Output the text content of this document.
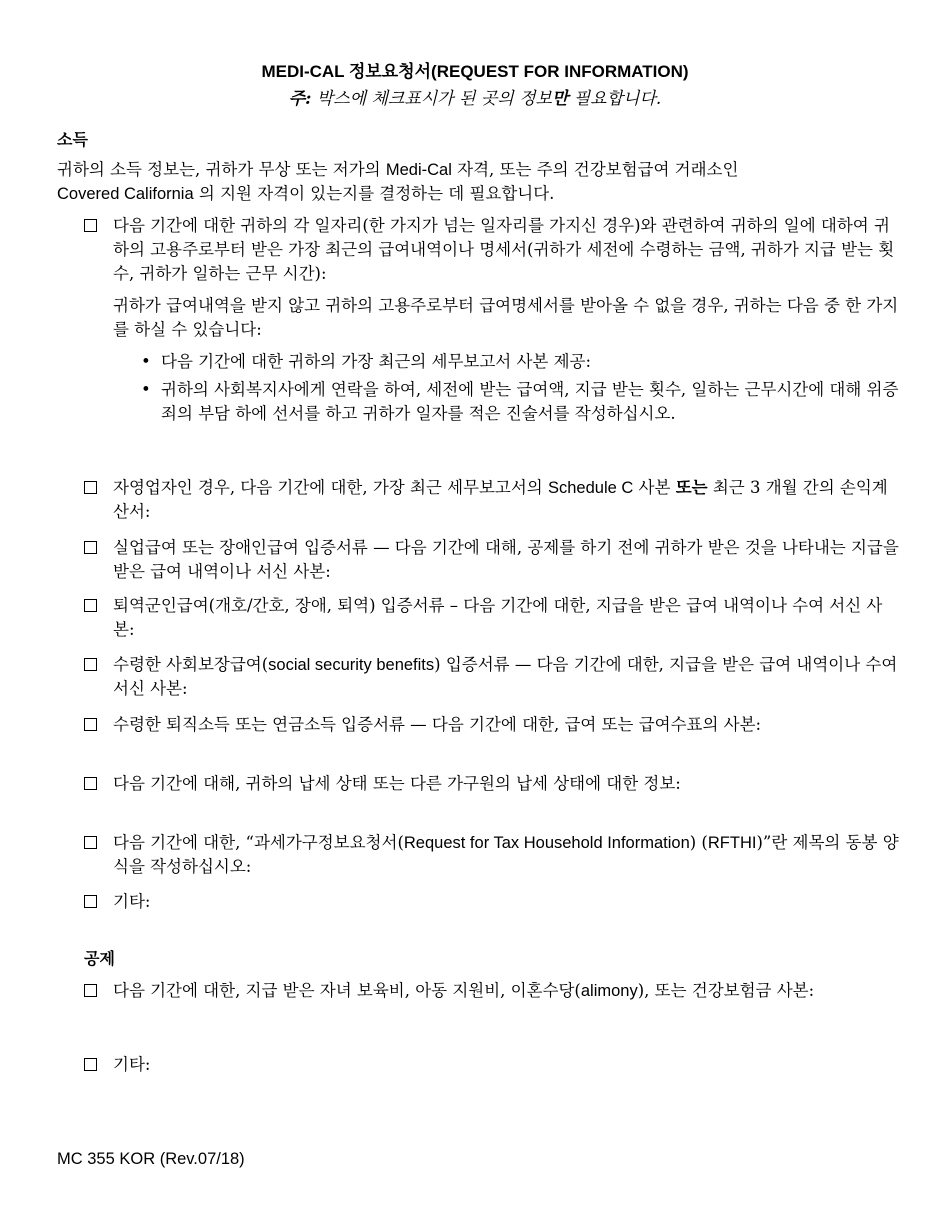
MEDI-CAL 정보요청서(REQUEST FOR INFORMATION)
주: 박스에 체크표시가 된 곳의 정보만 필요합니다.
소득
귀하의 소득 정보는, 귀하가 무상 또는 저가의 Medi-Cal 자격, 또는 주의 건강보험급여 거래소인
Covered California 의 지원 자격이 있는지를 결정하는 데 필요합니다.
다음 기간에 대한 귀하의 각 일자리(한 가지가 넘는 일자리를 가지신 경우)와 관련하여 귀하의 일에 대하여 귀하의 고용주로부터 받은 가장 최근의 급여내역이나 명세서(귀하가 세전에 수령하는 금액, 귀하가 지급 받는 횟수, 귀하가 일하는 근무 시간):
귀하가 급여내역을 받지 않고 귀하의 고용주로부터 급여명세서를 받아올 수 없을 경우, 귀하는 다음 중 한 가지를 하실 수 있습니다:
• 다음 기간에 대한 귀하의 가장 최근의 세무보고서 사본 제공:
• 귀하의 사회복지사에게 연락을 하여, 세전에 받는 급여액, 지급 받는 횟수, 일하는 근무시간에 대해 위증죄의 부담 하에 선서를 하고 귀하가 일자를 적은 진술서를 작성하십시오.
자영업자인 경우, 다음 기간에 대한, 가장 최근 세무보고서의 Schedule C 사본 또는 최근 3 개월 간의 손익계산서:
실업급여 또는 장애인급여 입증서류 — 다음 기간에 대해, 공제를 하기 전에 귀하가 받은 것을 나타내는 지급을 받은 급여 내역이나 서신 사본:
퇴역군인급여(개호/간호, 장애, 퇴역) 입증서류 – 다음 기간에 대한, 지급을 받은 급여 내역이나 수여 서신 사본:
수령한 사회보장급여(social security benefits) 입증서류 — 다음 기간에 대한, 지급을 받은 급여 내역이나 수여 서신 사본:
수령한 퇴직소득 또는 연금소득 입증서류 — 다음 기간에 대한, 급여 또는 급여수표의 사본:
다음 기간에 대해, 귀하의 납세 상태 또는 다른 가구원의 납세 상태에 대한 정보:
다음 기간에 대한, “과세가구정보요청서(Request for Tax Household Information) (RFTHI)”란 제목의 동봉 양식을 작성하십시오:
기타:
공제
다음 기간에 대한, 지급 받은 자녀 보육비, 아동 지원비, 이혼수당(alimony), 또는 건강보험금 사본:
기타:
MC 355 KOR (Rev.07/18)
